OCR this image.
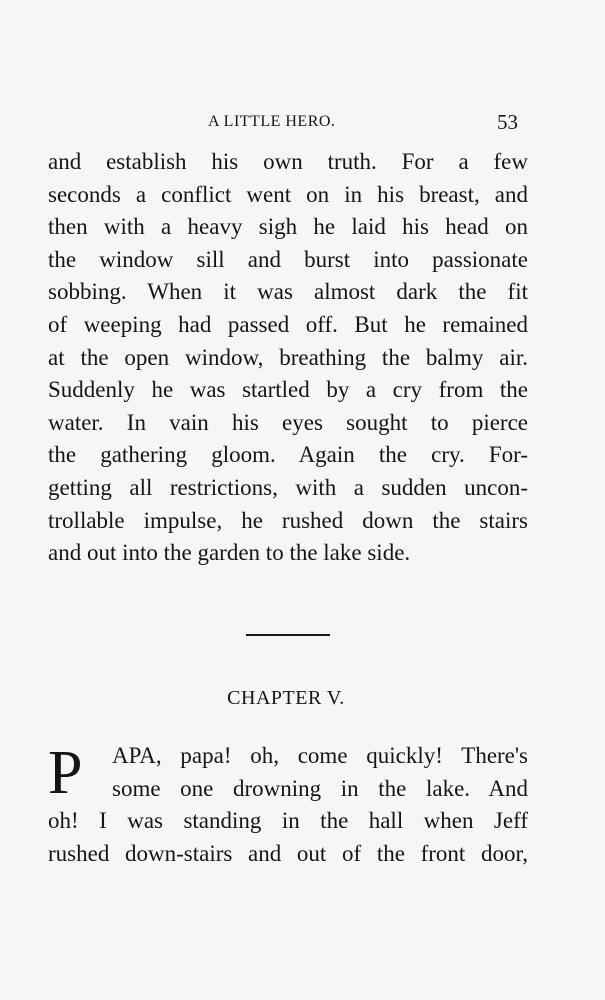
A LITTLE HERO.	53
and establish his own truth. For a few
seconds a conflict went on in his breast, and
then with a heavy sigh he laid his head on
the window sill and burst into passionate
sobbing. When it was almost dark the fit
of weeping had passed off. But he remained
at the open window, breathing the balmy air.
Suddenly he was startled by a cry from the
water. In vain his eyes sought to pierce
the gathering gloom. Again the cry. For-
getting all restrictions, with a sudden uncon-
trollable impulse, he rushed down the stairs
and out into the garden to the lake side.
CHAPTER V.
P	APA, papa! oh, come quickly! There's
some one drowning in the lake. And
oh! I was standing in the hall when Jeff
rushed down-stairs and out of the front door,
